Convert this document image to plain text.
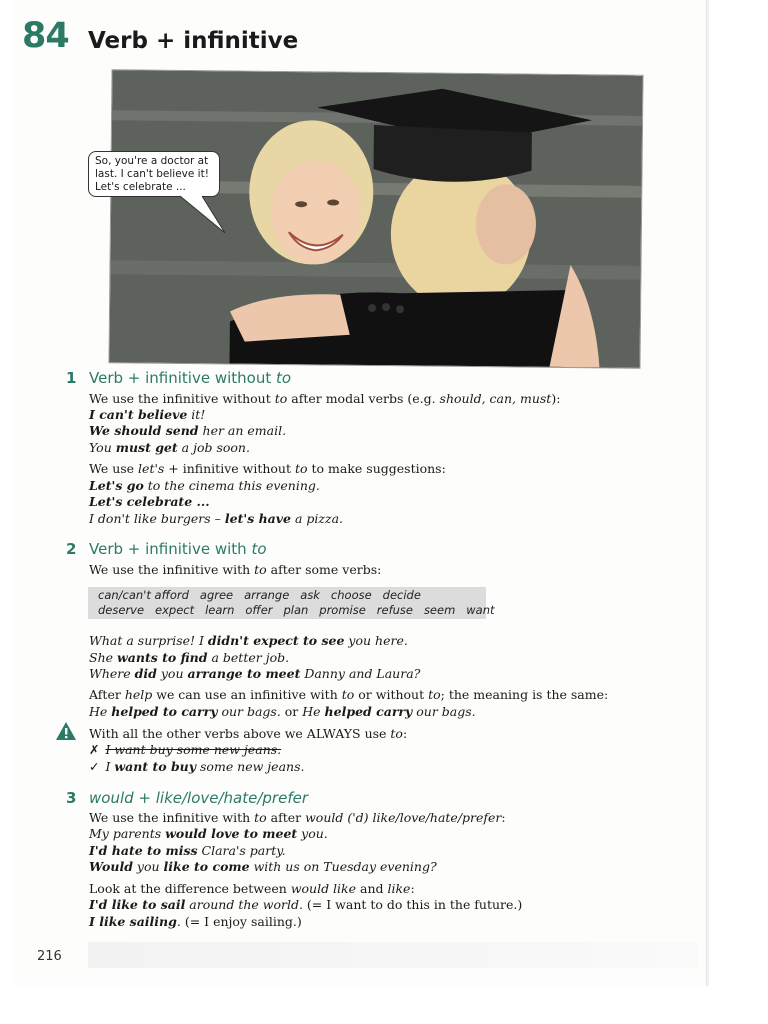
84 Verb + infinitive
So, you're a doctor at
last. I can't believe it!
Let's celebrate ...
1 Verb + infinitive without to
We use the infinitive without to after modal verbs (e.g. should, can, must):
I can't believe it!
We should send her an email.
You must get a job soon.
We use let's + infinitive without to to make suggestions:
Let's go to the cinema this evening.
Let's celebrate ...
I don't like burgers – let's have a pizza.
2 Verb + infinitive with to
We use the infinitive with to after some verbs:
can/can't afford   agree   arrange   ask   choose   decide
deserve   expect   learn   offer   plan   promise   refuse   seem   want
What a surprise! I didn't expect to see you here.
She wants to find a better job.
Where did you arrange to meet Danny and Laura?
After help we can use an infinitive with to or without to; the meaning is the same:
He helped to carry our bags. or He helped carry our bags.
With all the other verbs above we ALWAYS use to:
✗ I want buy some new jeans.
✓ I want to buy some new jeans.
3 would + like/love/hate/prefer
We use the infinitive with to after would ('d) like/love/hate/prefer:
My parents would love to meet you.
I'd hate to miss Clara's party.
Would you like to come with us on Tuesday evening?
Look at the difference between would like and like:
I'd like to sail around the world. (= I want to do this in the future.)
I like sailing. (= I enjoy sailing.)
216
